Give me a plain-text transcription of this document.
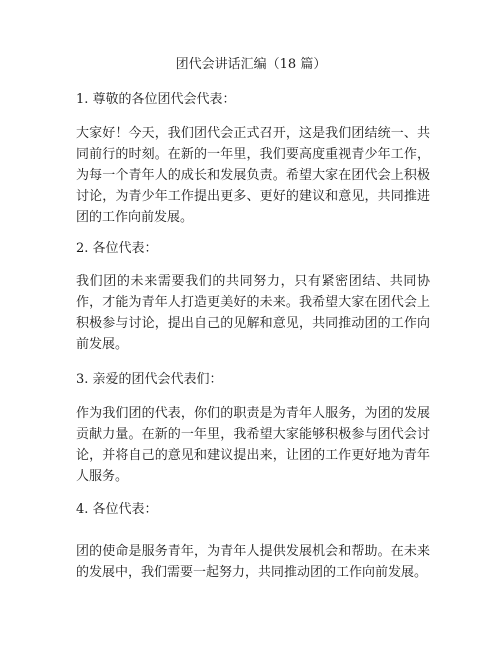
团代会讲话汇编（18 篇）

1. 尊敬的各位团代会代表：

大家好！今天，我们团代会正式召开，这是我们团结统一、共同前行的时刻。在新的一年里，我们要高度重视青少年工作，为每一个青年人的成长和发展负责。希望大家在团代会上积极讨论，为青少年工作提出更多、更好的建议和意见，共同推进团的工作向前发展。

2. 各位代表：

我们团的未来需要我们的共同努力，只有紧密团结、共同协作，才能为青年人打造更美好的未来。我希望大家在团代会上积极参与讨论，提出自己的见解和意见，共同推动团的工作向前发展。

3. 亲爱的团代会代表们：

作为我们团的代表，你们的职责是为青年人服务，为团的发展贡献力量。在新的一年里，我希望大家能够积极参与团代会讨论，并将自己的意见和建议提出来，让团的工作更好地为青年人服务。

4. 各位代表：

团的使命是服务青年，为青年人提供发展机会和帮助。在未来的发展中，我们需要一起努力，共同推动团的工作向前发展。
